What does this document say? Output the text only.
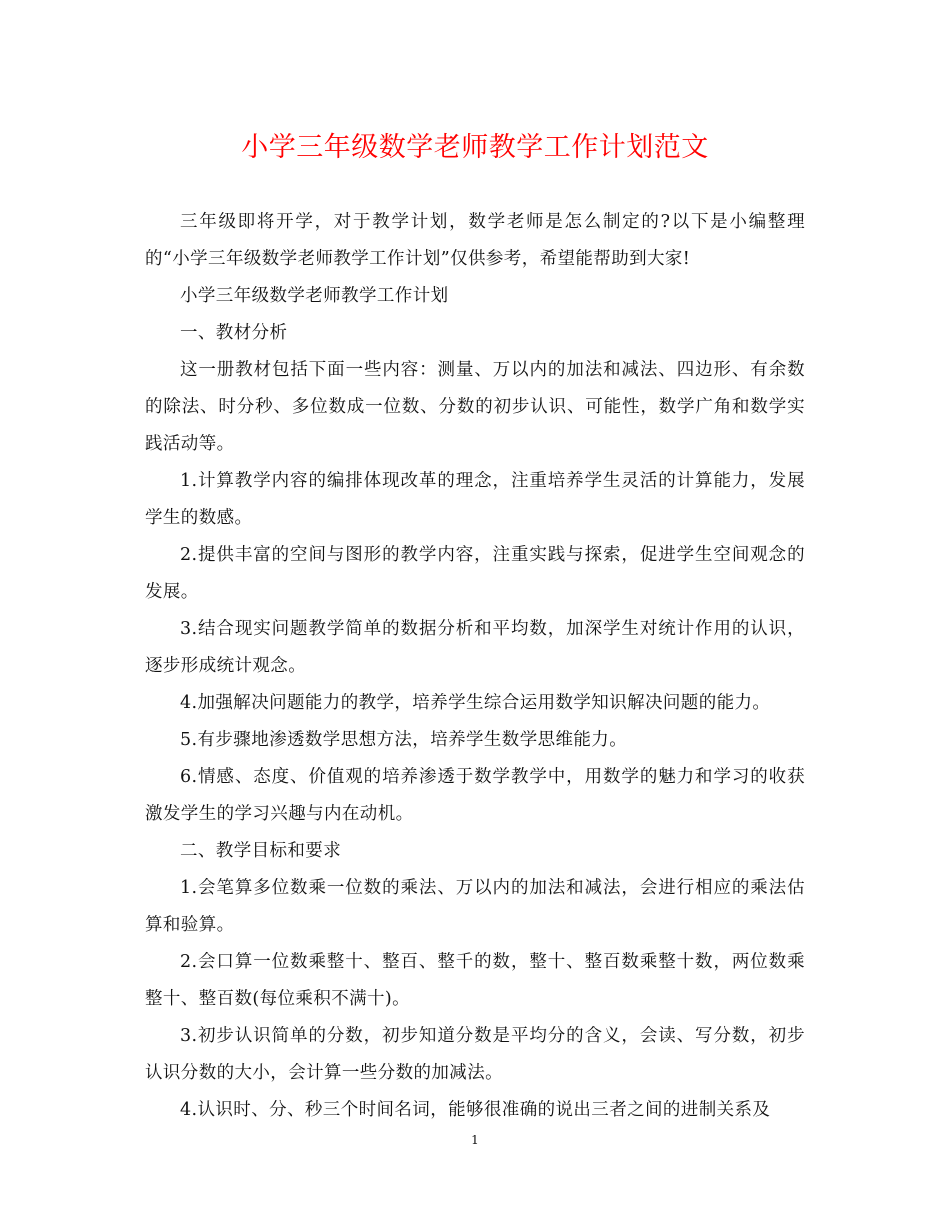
小学三年级数学老师教学工作计划范文

三年级即将开学，对于教学计划，数学老师是怎么制定的?以下是小编整理的“小学三年级数学老师教学工作计划”仅供参考，希望能帮助到大家!

小学三年级数学老师教学工作计划

一、教材分析

这一册教材包括下面一些内容：测量、万以内的加法和减法、四边形、有余数的除法、时分秒、多位数成一位数、分数的初步认识、可能性，数学广角和数学实践活动等。

1.计算教学内容的编排体现改革的理念，注重培养学生灵活的计算能力，发展学生的数感。

2.提供丰富的空间与图形的教学内容，注重实践与探索，促进学生空间观念的发展。

3.结合现实问题教学简单的数据分析和平均数，加深学生对统计作用的认识，逐步形成统计观念。

4.加强解决问题能力的教学，培养学生综合运用数学知识解决问题的能力。

5.有步骤地渗透数学思想方法，培养学生数学思维能力。

6.情感、态度、价值观的培养渗透于数学教学中，用数学的魅力和学习的收获激发学生的学习兴趣与内在动机。

二、教学目标和要求

1.会笔算多位数乘一位数的乘法、万以内的加法和减法，会进行相应的乘法估算和验算。

2.会口算一位数乘整十、整百、整千的数，整十、整百数乘整十数，两位数乘整十、整百数(每位乘积不满十)。

3.初步认识简单的分数，初步知道分数是平均分的含义，会读、写分数，初步认识分数的大小，会计算一些分数的加减法。

4.认识时、分、秒三个时间名词，能够很准确的说出三者之间的进制关系及

1
